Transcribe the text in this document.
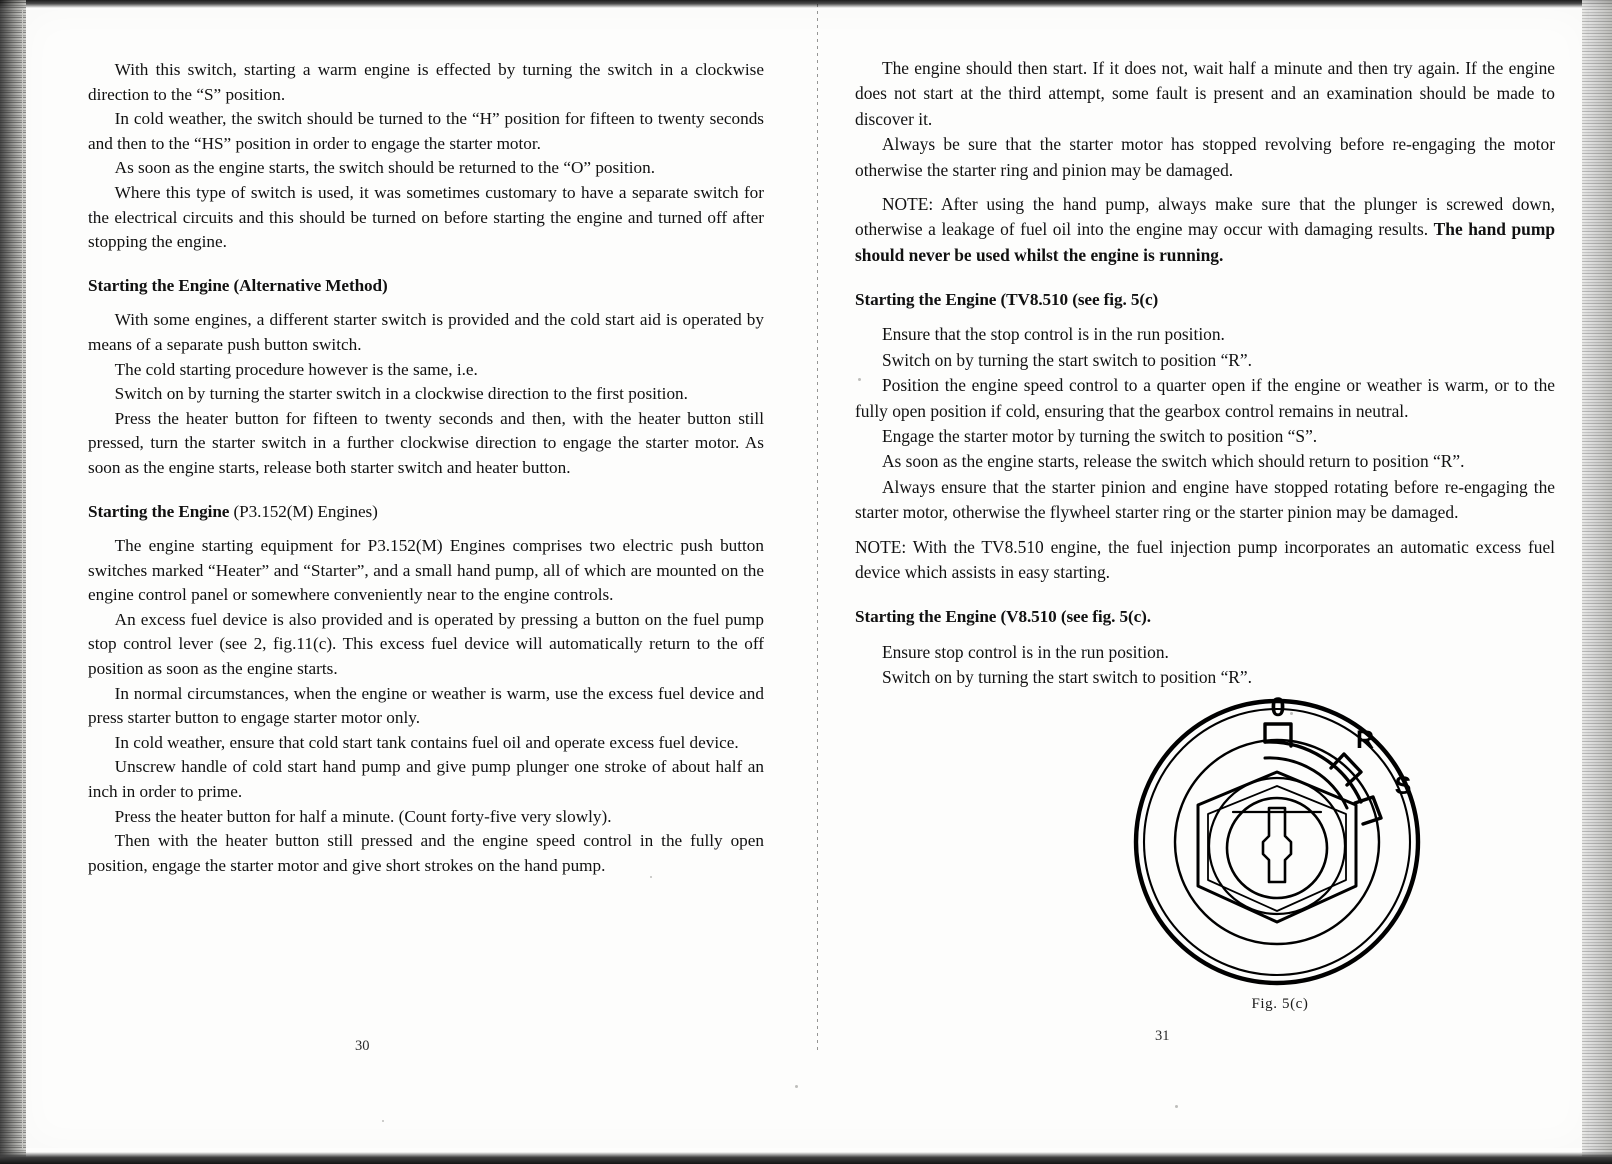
With this switch, starting a warm engine is effected by turning the switch in a clockwise direction to the “S” position.

In cold weather, the switch should be turned to the “H” position for fifteen to twenty seconds and then to the “HS” position in order to engage the starter motor.

As soon as the engine starts, the switch should be returned to the “O” position.

Where this type of switch is used, it was sometimes customary to have a separate switch for the electrical circuits and this should be turned on before starting the engine and turned off after stopping the engine.

Starting the Engine (Alternative Method)

With some engines, a different starter switch is provided and the cold start aid is operated by means of a separate push button switch.

The cold starting procedure however is the same, i.e.

Switch on by turning the starter switch in a clockwise direction to the first position.

Press the heater button for fifteen to twenty seconds and then, with the heater button still pressed, turn the starter switch in a further clockwise direction to engage the starter motor. As soon as the engine starts, release both starter switch and heater button.

Starting the Engine (P3.152(M) Engines)

The engine starting equipment for P3.152(M) Engines comprises two electric push button switches marked “Heater” and “Starter”, and a small hand pump, all of which are mounted on the engine control panel or somewhere conveniently near to the engine controls.

An excess fuel device is also provided and is operated by pressing a button on the fuel pump stop control lever (see 2, fig.11(c). This excess fuel device will automatically return to the off position as soon as the engine starts.

In normal circumstances, when the engine or weather is warm, use the excess fuel device and press starter button to engage starter motor only.

In cold weather, ensure that cold start tank contains fuel oil and operate excess fuel device.

Unscrew handle of cold start hand pump and give pump plunger one stroke of about half an inch in order to prime.

Press the heater button for half a minute. (Count forty-five very slowly).

Then with the heater button still pressed and the engine speed control in the fully open position, engage the starter motor and give short strokes on the hand pump.

30

The engine should then start. If it does not, wait half a minute and then try again. If the engine does not start at the third attempt, some fault is present and an examination should be made to discover it.

Always be sure that the starter motor has stopped revolving before re-engaging the motor otherwise the starter ring and pinion may be damaged.

NOTE: After using the hand pump, always make sure that the plunger is screwed down, otherwise a leakage of fuel oil into the engine may occur with damaging results. The hand pump should never be used whilst the engine is running.

Starting the Engine (TV8.510 (see fig. 5(c)

Ensure that the stop control is in the run position.

Switch on by turning the start switch to position “R”.

Position the engine speed control to a quarter open if the engine or weather is warm, or to the fully open position if cold, ensuring that the gearbox control remains in neutral.

Engage the starter motor by turning the switch to position “S”.

As soon as the engine starts, release the switch which should return to position “R”.

Always ensure that the starter pinion and engine have stopped rotating before re-engaging the starter motor, otherwise the flywheel starter ring or the starter pinion may be damaged.

NOTE: With the TV8.510 engine, the fuel injection pump incorporates an automatic excess fuel device which assists in easy starting.

Starting the Engine (V8.510 (see fig. 5(c).

Ensure stop control is in the run position.

Switch on by turning the start switch to position “R”.

0
R
S
Fig. 5(c)
31
